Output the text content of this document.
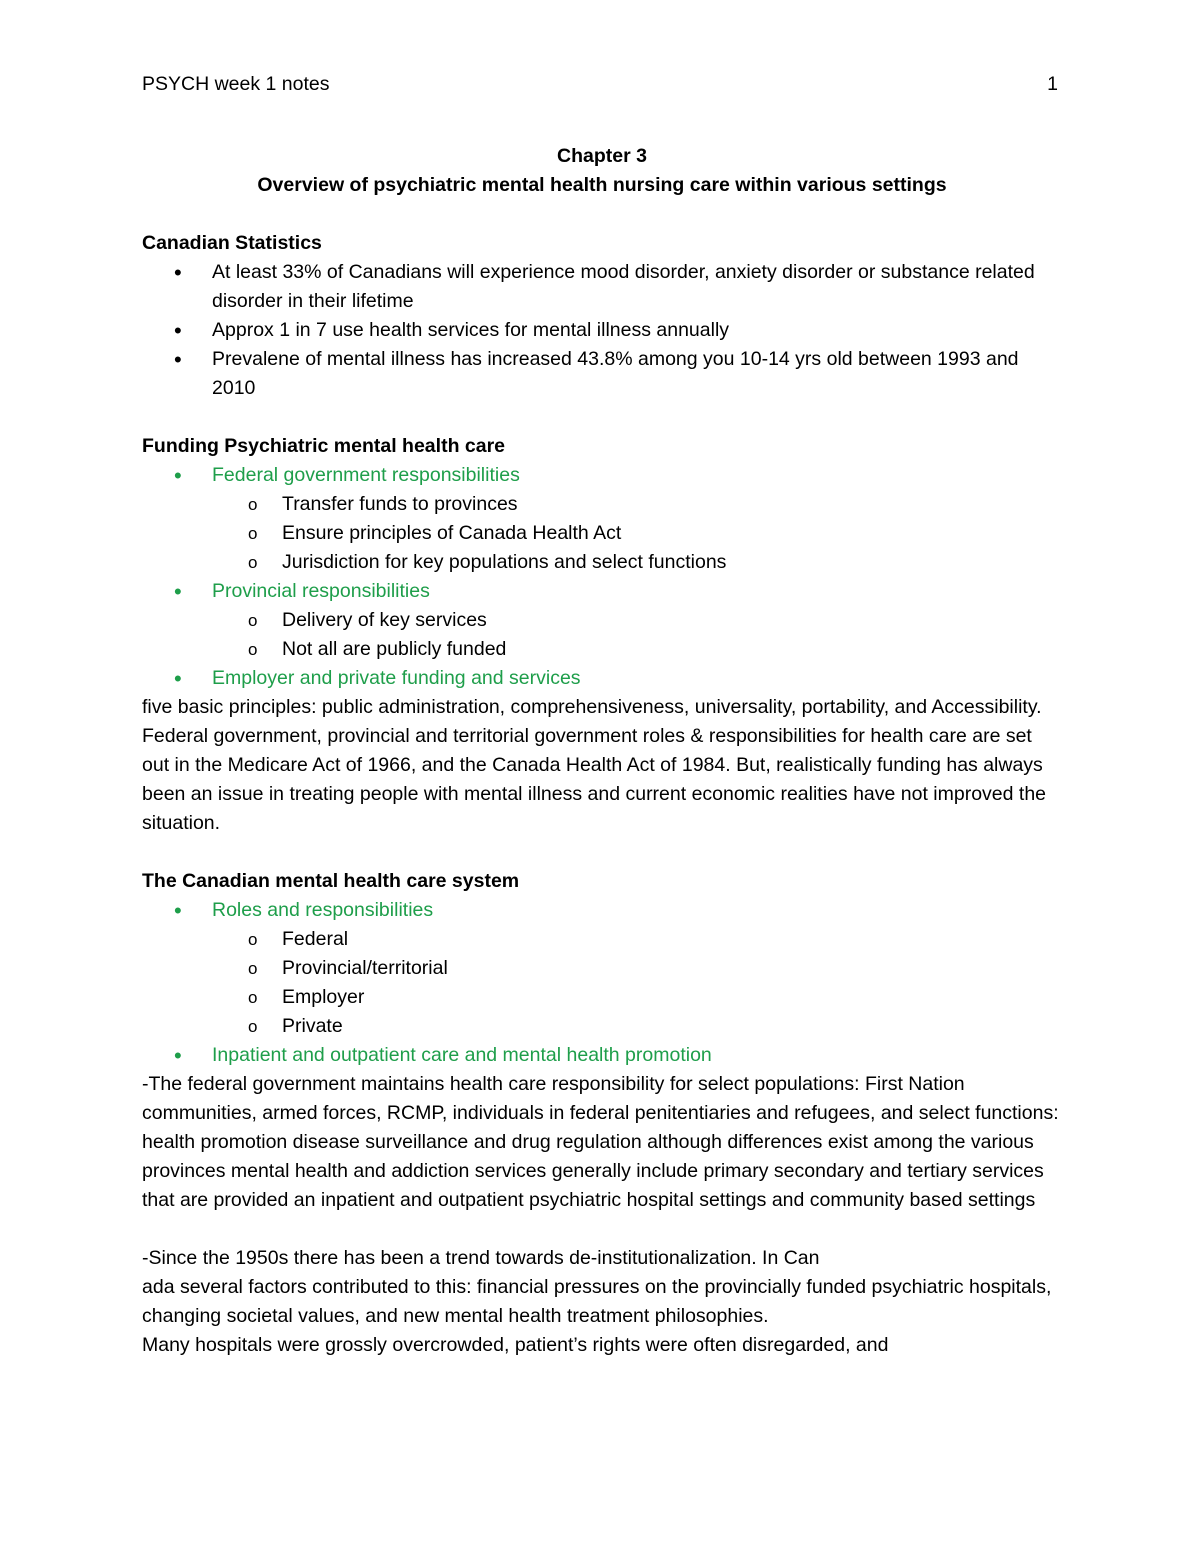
PSYCH week 1 notes	1
Chapter 3
Overview of psychiatric mental health nursing care within various settings
Canadian Statistics
• At least 33% of Canadians will experience mood disorder, anxiety disorder or substance related disorder in their lifetime
• Approx 1 in 7 use health services for mental illness annually
• Prevalene of mental illness has increased 43.8% among you 10-14 yrs old between 1993 and 2010
Funding Psychiatric mental health care
• Federal government responsibilities
o Transfer funds to provinces
o Ensure principles of Canada Health Act
o Jurisdiction for key populations and select functions
• Provincial responsibilities
o Delivery of key services
o Not all are publicly funded
• Employer and private funding and services

five basic principles: public administration, comprehensiveness, universality, portability, and Accessibility. Federal government, provincial and territorial government roles & responsibilities for health care are set out in the Medicare Act of 1966, and the Canada Health Act of 1984. But, realistically funding has always been an issue in treating people with mental illness and current economic realities have not improved the situation.

The Canadian mental health care system
• Roles and responsibilities
o Federal
o Provincial/territorial
o Employer
o Private
• Inpatient and outpatient care and mental health promotion

-The federal government maintains health care responsibility for select populations: First Nation communities, armed forces, RCMP, individuals in federal penitentiaries and refugees, and select functions: health promotion disease surveillance and drug regulation although differences exist among the various provinces mental health and addiction services generally include primary secondary and tertiary services that are provided an inpatient and outpatient psychiatric hospital settings and community based settings

-Since the 1950s there has been a trend towards de-institutionalization. In Can

ada several factors contributed to this: financial pressures on the provincially funded psychiatric hospitals, changing societal values, and new mental health treatment philosophies.

Many hospitals were grossly overcrowded, patient’s rights were often disregarded, and
